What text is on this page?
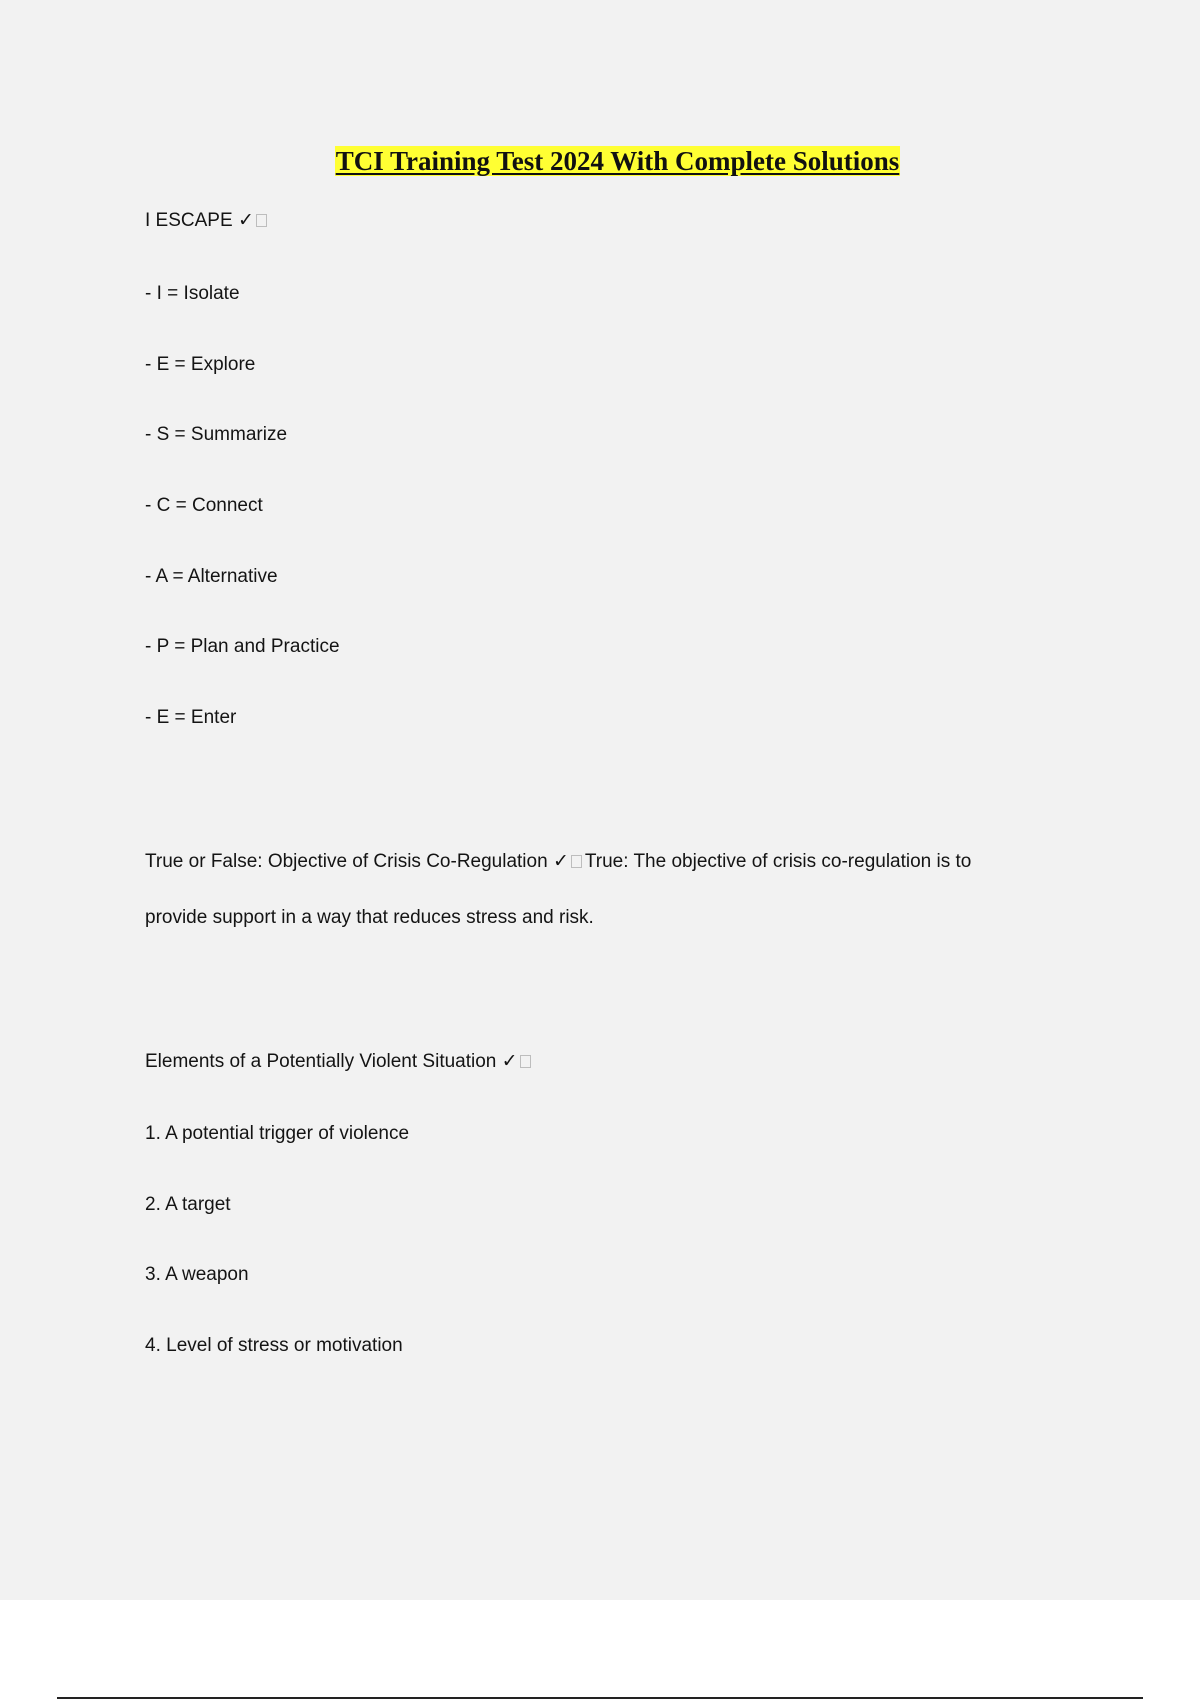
TCI Training Test 2024 With Complete Solutions
I ESCAPE ✓
- I = Isolate
- E = Explore
- S = Summarize
- C = Connect
- A = Alternative
- P = Plan and Practice
- E = Enter
True or False: Objective of Crisis Co-Regulation ✓ True: The objective of crisis co-regulation is to
provide support in a way that reduces stress and risk.
Elements of a Potentially Violent Situation ✓
1. A potential trigger of violence
2. A target
3. A weapon
4. Level of stress or motivation
